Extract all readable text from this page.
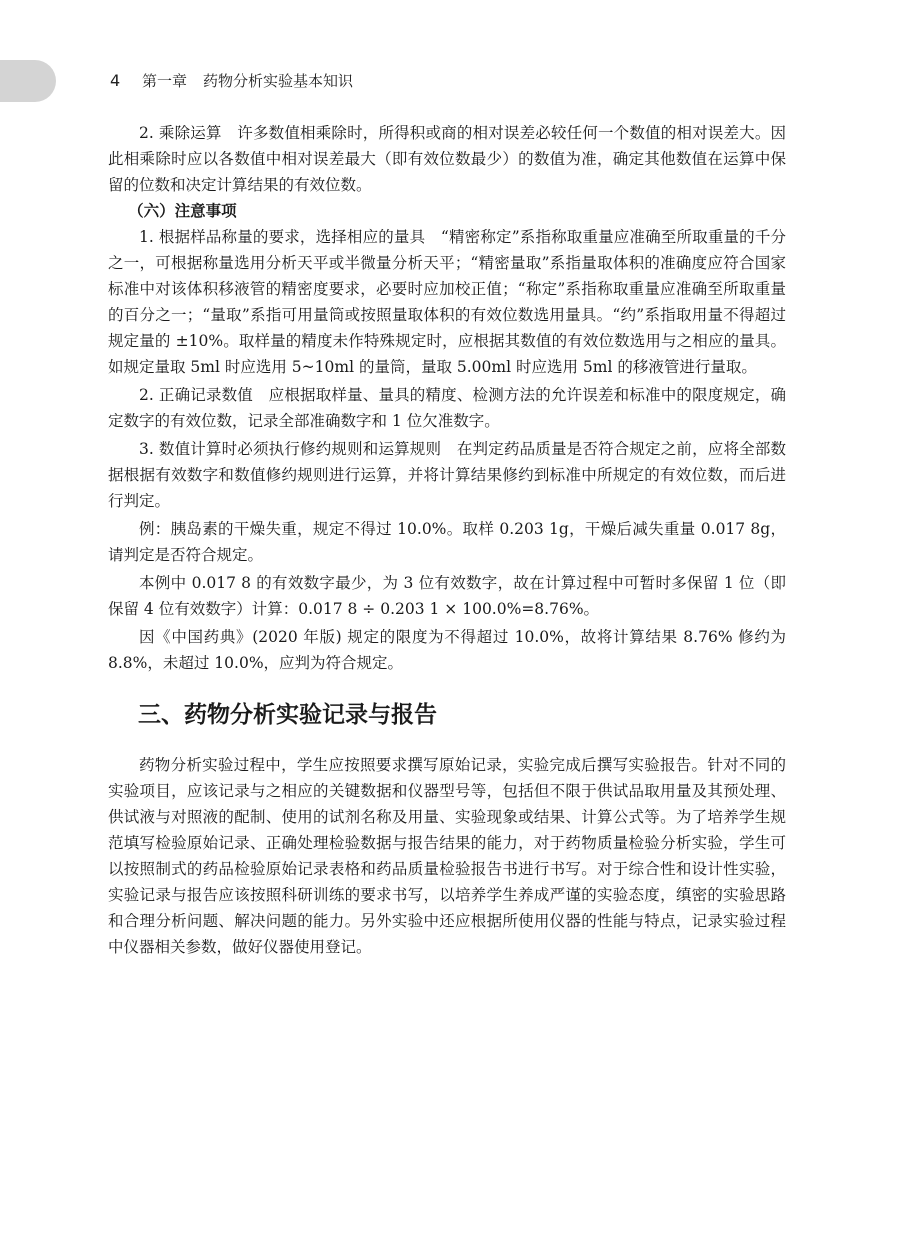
4 第一章 药物分析实验基本知识

2. 乘除运算　许多数值相乘除时，所得积或商的相对误差必较任何一个数值的相对误差大。因此相乘除时应以各数值中相对误差最大（即有效位数最少）的数值为准，确定其他数值在运算中保留的位数和决定计算结果的有效位数。

（六）注意事项

1. 根据样品称量的要求，选择相应的量具　“精密称定”系指称取重量应准确至所取重量的千分之一，可根据称量选用分析天平或半微量分析天平；“精密量取”系指量取体积的准确度应符合国家标准中对该体积移液管的精密度要求，必要时应加校正值；“称定”系指称取重量应准确至所取重量的百分之一；“量取”系指可用量筒或按照量取体积的有效位数选用量具。“约”系指取用量不得超过规定量的 ±10%。取样量的精度未作特殊规定时，应根据其数值的有效位数选用与之相应的量具。如规定量取 5ml 时应选用 5~10ml 的量筒，量取 5.00ml 时应选用 5ml 的移液管进行量取。

2. 正确记录数值　应根据取样量、量具的精度、检测方法的允许误差和标准中的限度规定，确定数字的有效位数，记录全部准确数字和 1 位欠准数字。

3. 数值计算时必须执行修约规则和运算规则　在判定药品质量是否符合规定之前，应将全部数据根据有效数字和数值修约规则进行运算，并将计算结果修约到标准中所规定的有效位数，而后进行判定。

例：胰岛素的干燥失重，规定不得过 10.0%。取样 0.203 1g，干燥后减失重量 0.017 8g，请判定是否符合规定。

本例中 0.017 8 的有效数字最少，为 3 位有效数字，故在计算过程中可暂时多保留 1 位（即保留 4 位有效数字）计算：0.017 8 ÷ 0.203 1 × 100.0%=8.76%。

因《中国药典》(2020 年版) 规定的限度为不得超过 10.0%，故将计算结果 8.76% 修约为 8.8%，未超过 10.0%，应判为符合规定。

三、药物分析实验记录与报告

药物分析实验过程中，学生应按照要求撰写原始记录，实验完成后撰写实验报告。针对不同的实验项目，应该记录与之相应的关键数据和仪器型号等，包括但不限于供试品取用量及其预处理、供试液与对照液的配制、使用的试剂名称及用量、实验现象或结果、计算公式等。为了培养学生规范填写检验原始记录、正确处理检验数据与报告结果的能力，对于药物质量检验分析实验，学生可以按照制式的药品检验原始记录表格和药品质量检验报告书进行书写。对于综合性和设计性实验，实验记录与报告应该按照科研训练的要求书写，以培养学生养成严谨的实验态度，缜密的实验思路和合理分析问题、解决问题的能力。另外实验中还应根据所使用仪器的性能与特点，记录实验过程中仪器相关参数，做好仪器使用登记。
